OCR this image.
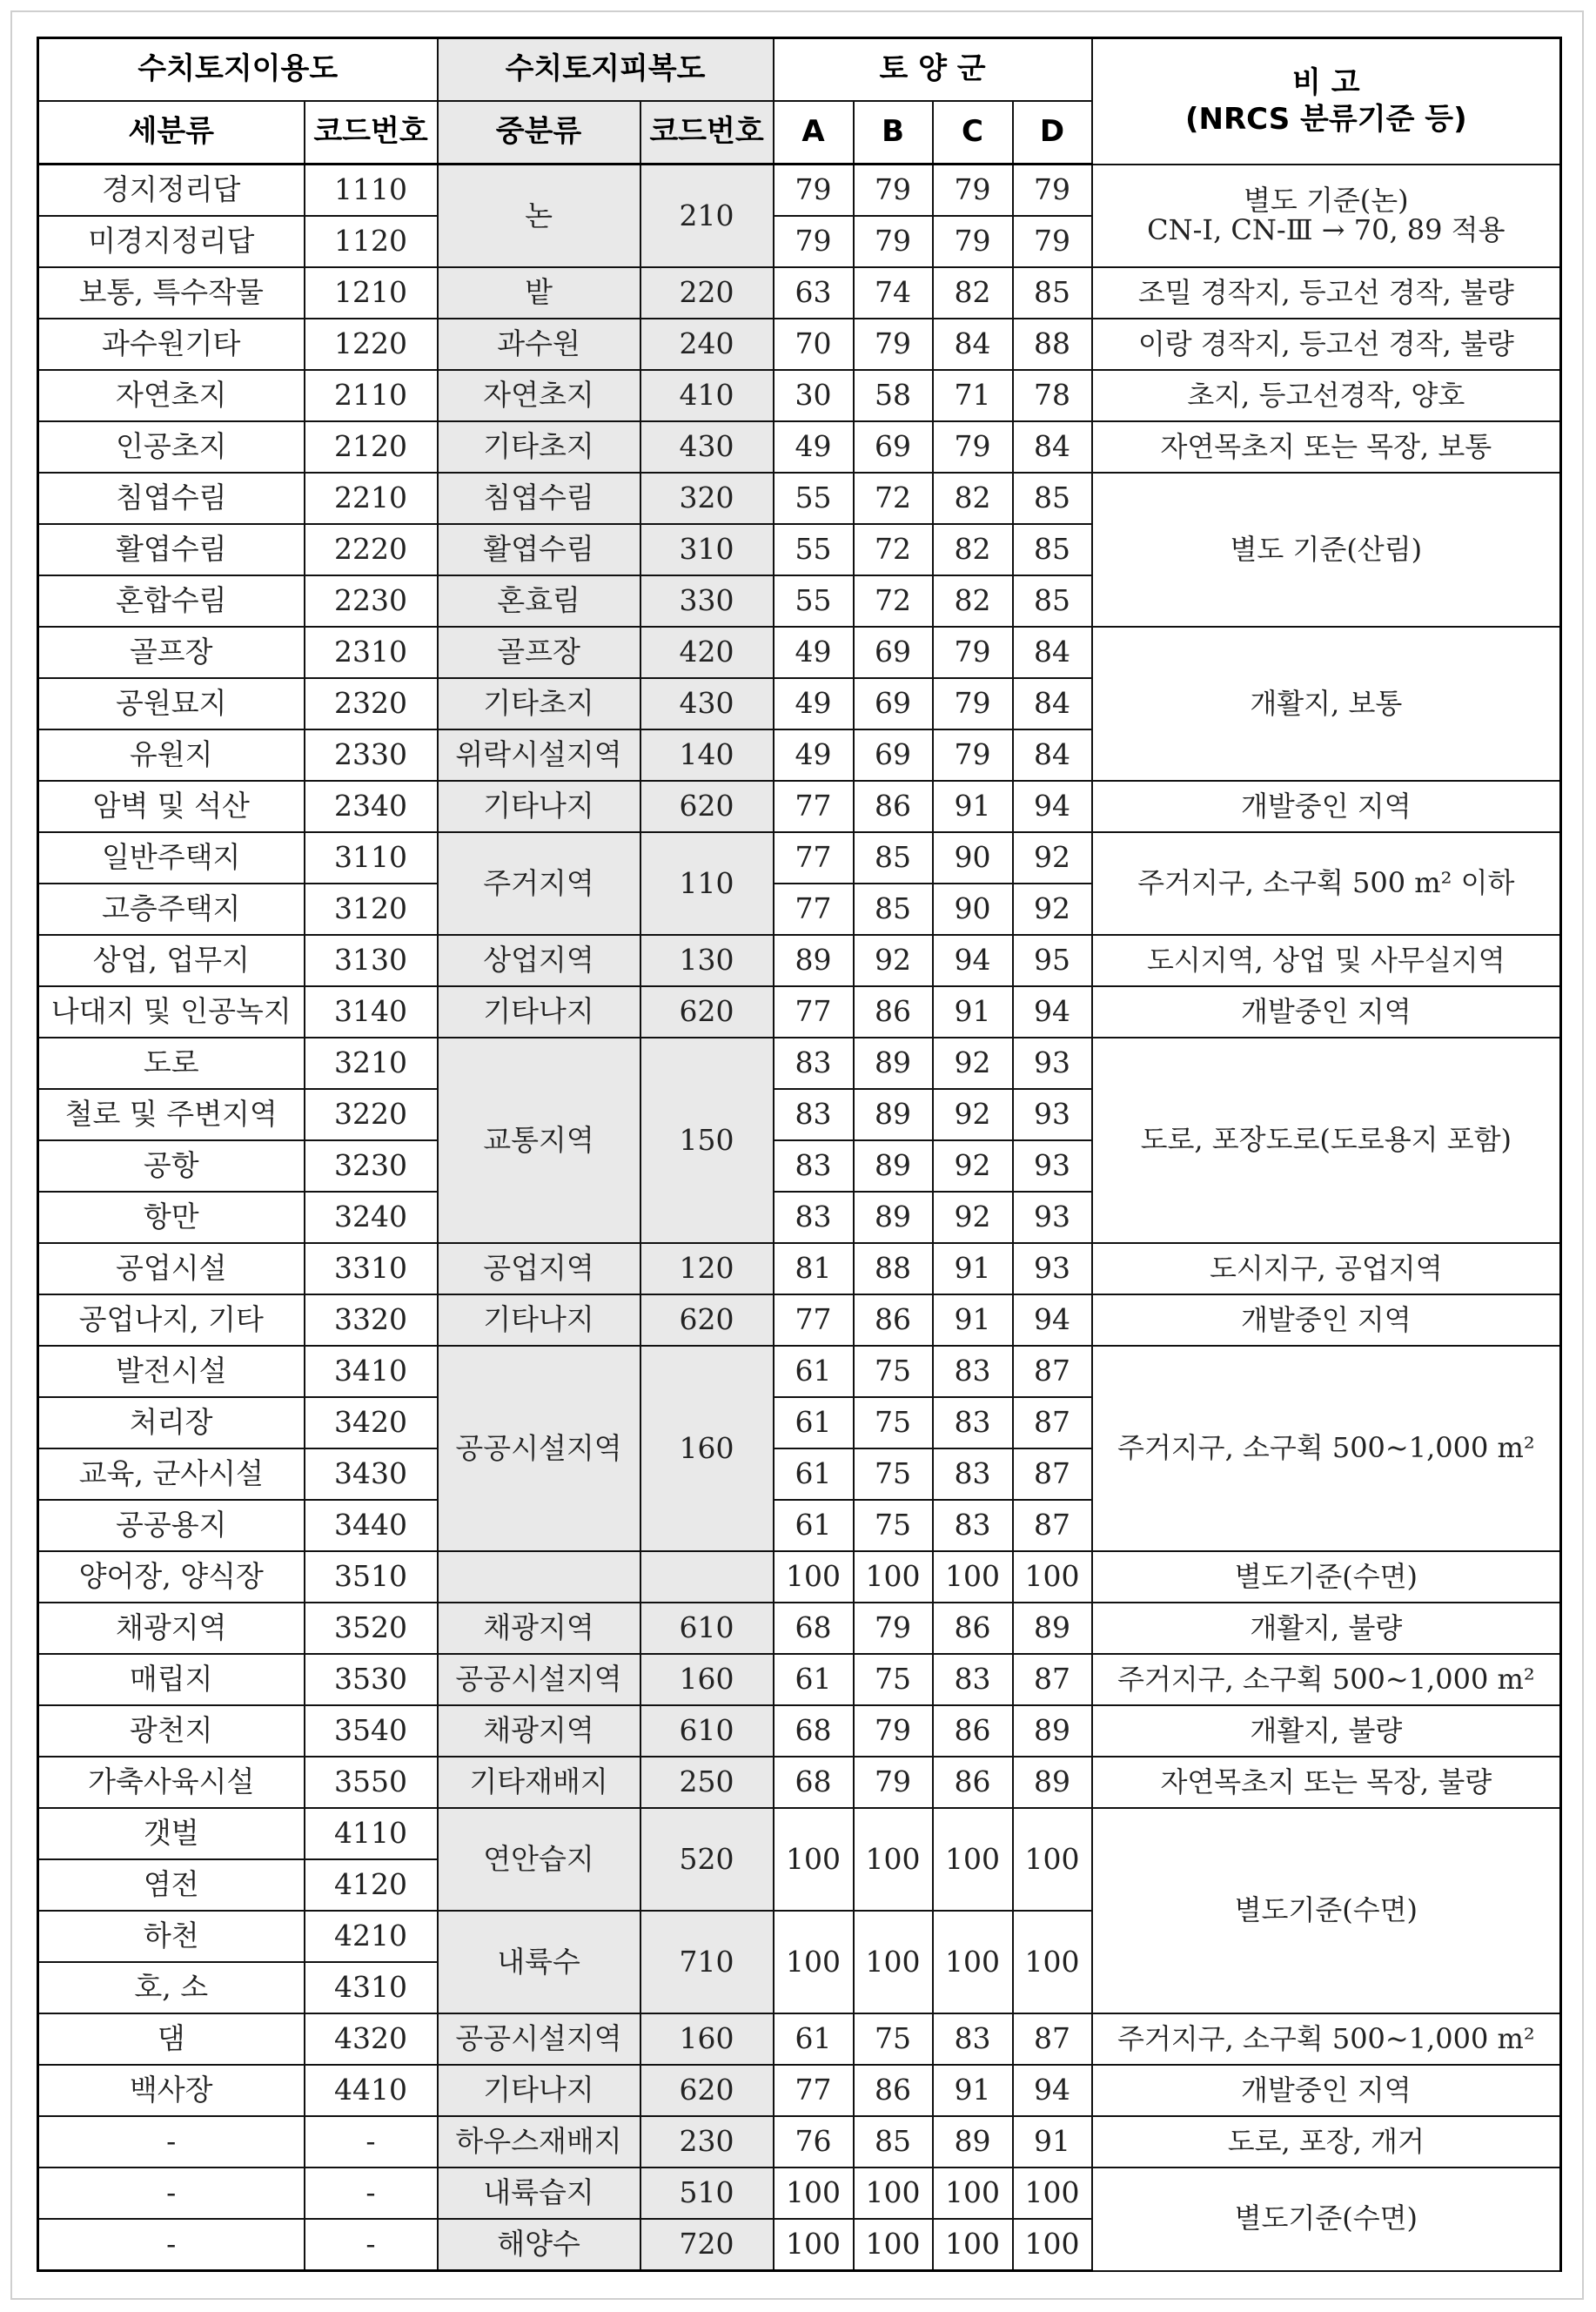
수치토지이용도		수치토지피복도		토 양 군				비 고
(NRCS 분류기준 등)

세분류	코드번호	중분류	코드번호	A	B	C	D	
경지정리답	1110	논	210	79	79	79	79	별도 기준(논)
CN-Ⅰ, CN-Ⅲ → 70, 89 적용

미경지정리답	1120			79	79	79	79	
보통, 특수작물	1210	밭	220	63	74	82	85	조밀 경작지, 등고선 경작, 불량

과수원기타	1220	과수원	240	70	79	84	88	이랑 경작지, 등고선 경작, 불량

자연초지	2110	자연초지	410	30	58	71	78	초지, 등고선경작, 양호

인공초지	2120	기타초지	430	49	69	79	84	자연목초지 또는 목장, 보통

침엽수림	2210	침엽수림	320	55	72	82	85	별도 기준(산림)

활엽수림	2220	활엽수림	310	55	72	82	85	
혼합수림	2230	혼효림	330	55	72	82	85	
골프장	2310	골프장	420	49	69	79	84	개활지, 보통

공원묘지	2320	기타초지	430	49	69	79	84	
유원지	2330	위락시설지역	140	49	69	79	84	
암벽 및 석산	2340	기타나지	620	77	86	91	94	개발중인 지역

일반주택지	3110	주거지역	110	77	85	90	92	주거지구, 소구획 500 m² 이하

고층주택지	3120			77	85	90	92	
상업, 업무지	3130	상업지역	130	89	92	94	95	도시지역, 상업 및 사무실지역

나대지 및 인공녹지	3140	기타나지	620	77	86	91	94	개발중인 지역

도로	3210	교통지역	150	83	89	92	93	도로, 포장도로(도로용지 포함)

철로 및 주변지역	3220			83	89	92	93	
공항	3230			83	89	92	93	
항만	3240			83	89	92	93	
공업시설	3310	공업지역	120	81	88	91	93	도시지구, 공업지역

공업나지, 기타	3320	기타나지	620	77	86	91	94	개발중인 지역

발전시설	3410	공공시설지역	160	61	75	83	87	주거지구, 소구획 500~1,000 m²

처리장	3420			61	75	83	87	
교육, 군사시설	3430			61	75	83	87	
공공용지	3440			61	75	83	87	
양어장, 양식장	3510			100	100	100	100	별도기준(수면)

채광지역	3520	채광지역	610	68	79	86	89	개활지, 불량

매립지	3530	공공시설지역	160	61	75	83	87	주거지구, 소구획 500~1,000 m²

광천지	3540	채광지역	610	68	79	86	89	개활지, 불량

가축사육시설	3550	기타재배지	250	68	79	86	89	자연목초지 또는 목장, 불량

갯벌	4110	연안습지	520	100	100	100	100	별도기준(수면)

염전	4120							
하천	4210	내륙수	710	100	100	100	100	
호, 소	4310							
댐	4320	공공시설지역	160	61	75	83	87	주거지구, 소구획 500~1,000 m²

백사장	4410	기타나지	620	77	86	91	94	개발중인 지역

-	-	하우스재배지	230	76	85	89	91	도로, 포장, 개거

-	-	내륙습지	510	100	100	100	100	별도기준(수면)

-	-	해양수	720	100	100	100	100	
